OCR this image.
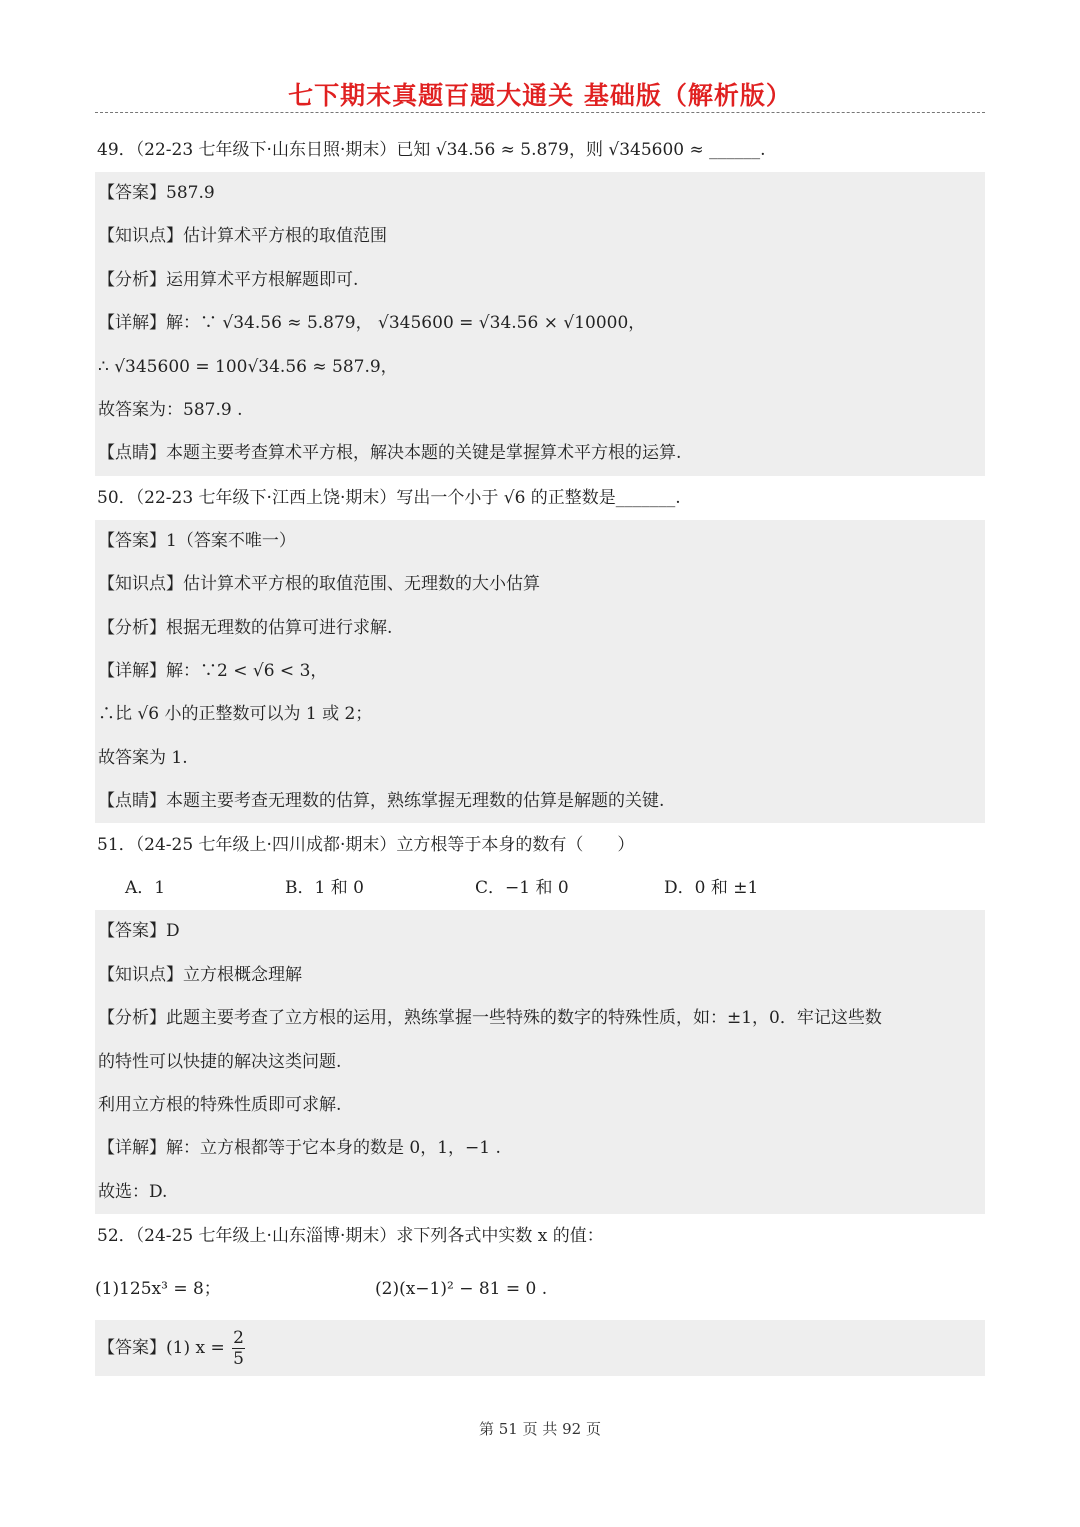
七下期末真题百题大通关 基础版（解析版）
49．（22-23 七年级下·山东日照·期末）已知 √34.56 ≈ 5.879，则 √345600 ≈ ______.
【答案】587.9
【知识点】估计算术平方根的取值范围
【分析】运用算术平方根解题即可.
【详解】解：∵ √34.56 ≈ 5.879， √345600 = √34.56 × √10000，
∴ √345600 = 100√34.56 ≈ 587.9，
故答案为：587.9 .
【点睛】本题主要考查算术平方根，解决本题的关键是掌握算术平方根的运算.
50．（22-23 七年级下·江西上饶·期末）写出一个小于 √6 的正整数是_______.
【答案】1（答案不唯一）
【知识点】估计算术平方根的取值范围、无理数的大小估算
【分析】根据无理数的估算可进行求解.
【详解】解：∵2 < √6 < 3，
∴比 √6 小的正整数可以为 1 或 2；
故答案为 1.
【点睛】本题主要考查无理数的估算，熟练掌握无理数的估算是解题的关键.
51．（24-25 七年级上·四川成都·期末）立方根等于本身的数有（　　）
A．1	B．1 和 0	C．−1 和 0	D．0 和 ±1
【答案】D
【知识点】立方根概念理解
【分析】此题主要考查了立方根的运用，熟练掌握一些特殊的数字的特殊性质，如：±1，0．牢记这些数
的特性可以快捷的解决这类问题.
利用立方根的特殊性质即可求解.
【详解】解：立方根都等于它本身的数是 0，1，−1 .
故选：D.
52．（24-25 七年级上·山东淄博·期末）求下列各式中实数 x 的值：
(1)125x³ = 8；	(2)(x−1)² − 81 = 0 .
【答案】(1) $x = \frac{2}{5}$
第 51 页 共 92 页
